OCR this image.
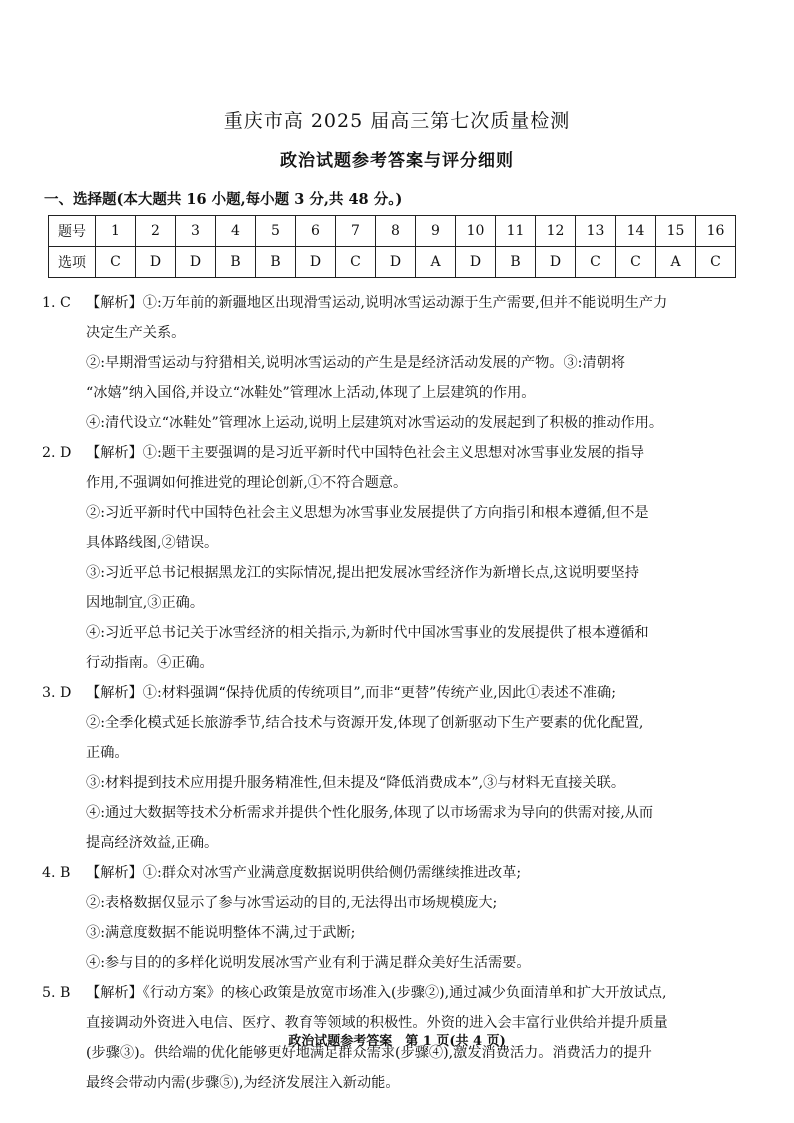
重庆市高 2025 届高三第七次质量检测
政治试题参考答案与评分细则
一、选择题(本大题共 16 小题,每小题 3 分,共 48 分。)
题号	1	2	3	4	5	6	7	8	9	10	11	12	13	14	15	16
选项	C	D	D	B	B	D	C	D	A	D	B	D	C	C	A	C
1. C 【解析】①:万年前的新疆地区出现滑雪运动,说明冰雪运动源于生产需要,但并不能说明生产力
决定生产关系。
②:早期滑雪运动与狩猎相关,说明冰雪运动的产生是是经济活动发展的产物。③:清朝将
“冰嬉”纳入国俗,并设立“冰鞋处”管理冰上活动,体现了上层建筑的作用。
④:清代设立“冰鞋处”管理冰上运动,说明上层建筑对冰雪运动的发展起到了积极的推动作用。
2. D 【解析】①:题干主要强调的是习近平新时代中国特色社会主义思想对冰雪事业发展的指导
作用,不强调如何推进党的理论创新,①不符合题意。
②:习近平新时代中国特色社会主义思想为冰雪事业发展提供了方向指引和根本遵循,但不是
具体路线图,②错误。
③:习近平总书记根据黑龙江的实际情况,提出把发展冰雪经济作为新增长点,这说明要坚持
因地制宜,③正确。
④:习近平总书记关于冰雪经济的相关指示,为新时代中国冰雪事业的发展提供了根本遵循和
行动指南。④正确。
3. D 【解析】①:材料强调“保持优质的传统项目”,而非“更替”传统产业,因此①表述不准确;
②:全季化模式延长旅游季节,结合技术与资源开发,体现了创新驱动下生产要素的优化配置,
正确。
③:材料提到技术应用提升服务精准性,但未提及“降低消费成本”,③与材料无直接关联。
④:通过大数据等技术分析需求并提供个性化服务,体现了以市场需求为导向的供需对接,从而
提高经济效益,正确。
4. B 【解析】①:群众对冰雪产业满意度数据说明供给侧仍需继续推进改革;
②:表格数据仅显示了参与冰雪运动的目的,无法得出市场规模庞大;
③:满意度数据不能说明整体不满,过于武断;
④:参与目的的多样化说明发展冰雪产业有利于满足群众美好生活需要。
5. B 【解析】《行动方案》的核心政策是放宽市场准入(步骤②),通过减少负面清单和扩大开放试点,
直接调动外资进入电信、医疗、教育等领域的积极性。外资的进入会丰富行业供给并提升质量
(步骤③)。供给端的优化能够更好地满足群众需求(步骤④),激发消费活力。消费活力的提升
最终会带动内需(步骤⑤),为经济发展注入新动能。
政治试题参考答案　第 1 页(共 4 页)
